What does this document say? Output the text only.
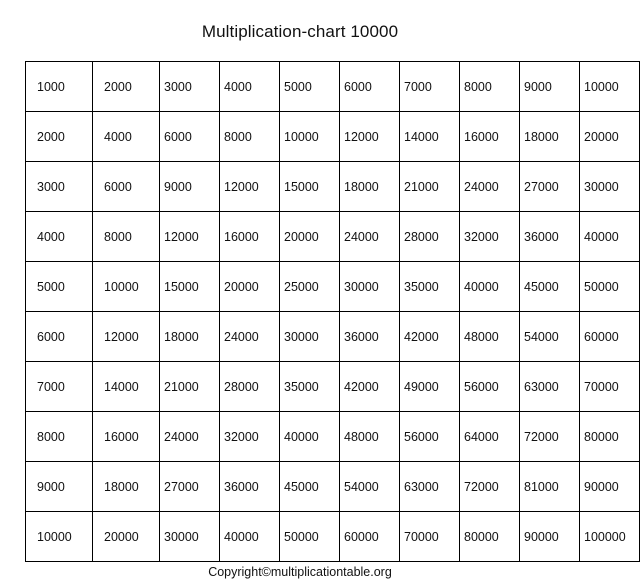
Multiplication-chart 10000
1000	2000	3000	4000	5000	6000	7000	8000	9000	10000
2000	4000	6000	8000	10000	12000	14000	16000	18000	20000
3000	6000	9000	12000	15000	18000	21000	24000	27000	30000
4000	8000	12000	16000	20000	24000	28000	32000	36000	40000
5000	10000	15000	20000	25000	30000	35000	40000	45000	50000
6000	12000	18000	24000	30000	36000	42000	48000	54000	60000
7000	14000	21000	28000	35000	42000	49000	56000	63000	70000
8000	16000	24000	32000	40000	48000	56000	64000	72000	80000
9000	18000	27000	36000	45000	54000	63000	72000	81000	90000
10000	20000	30000	40000	50000	60000	70000	80000	90000	100000
Copyright©multiplicationtable.org
